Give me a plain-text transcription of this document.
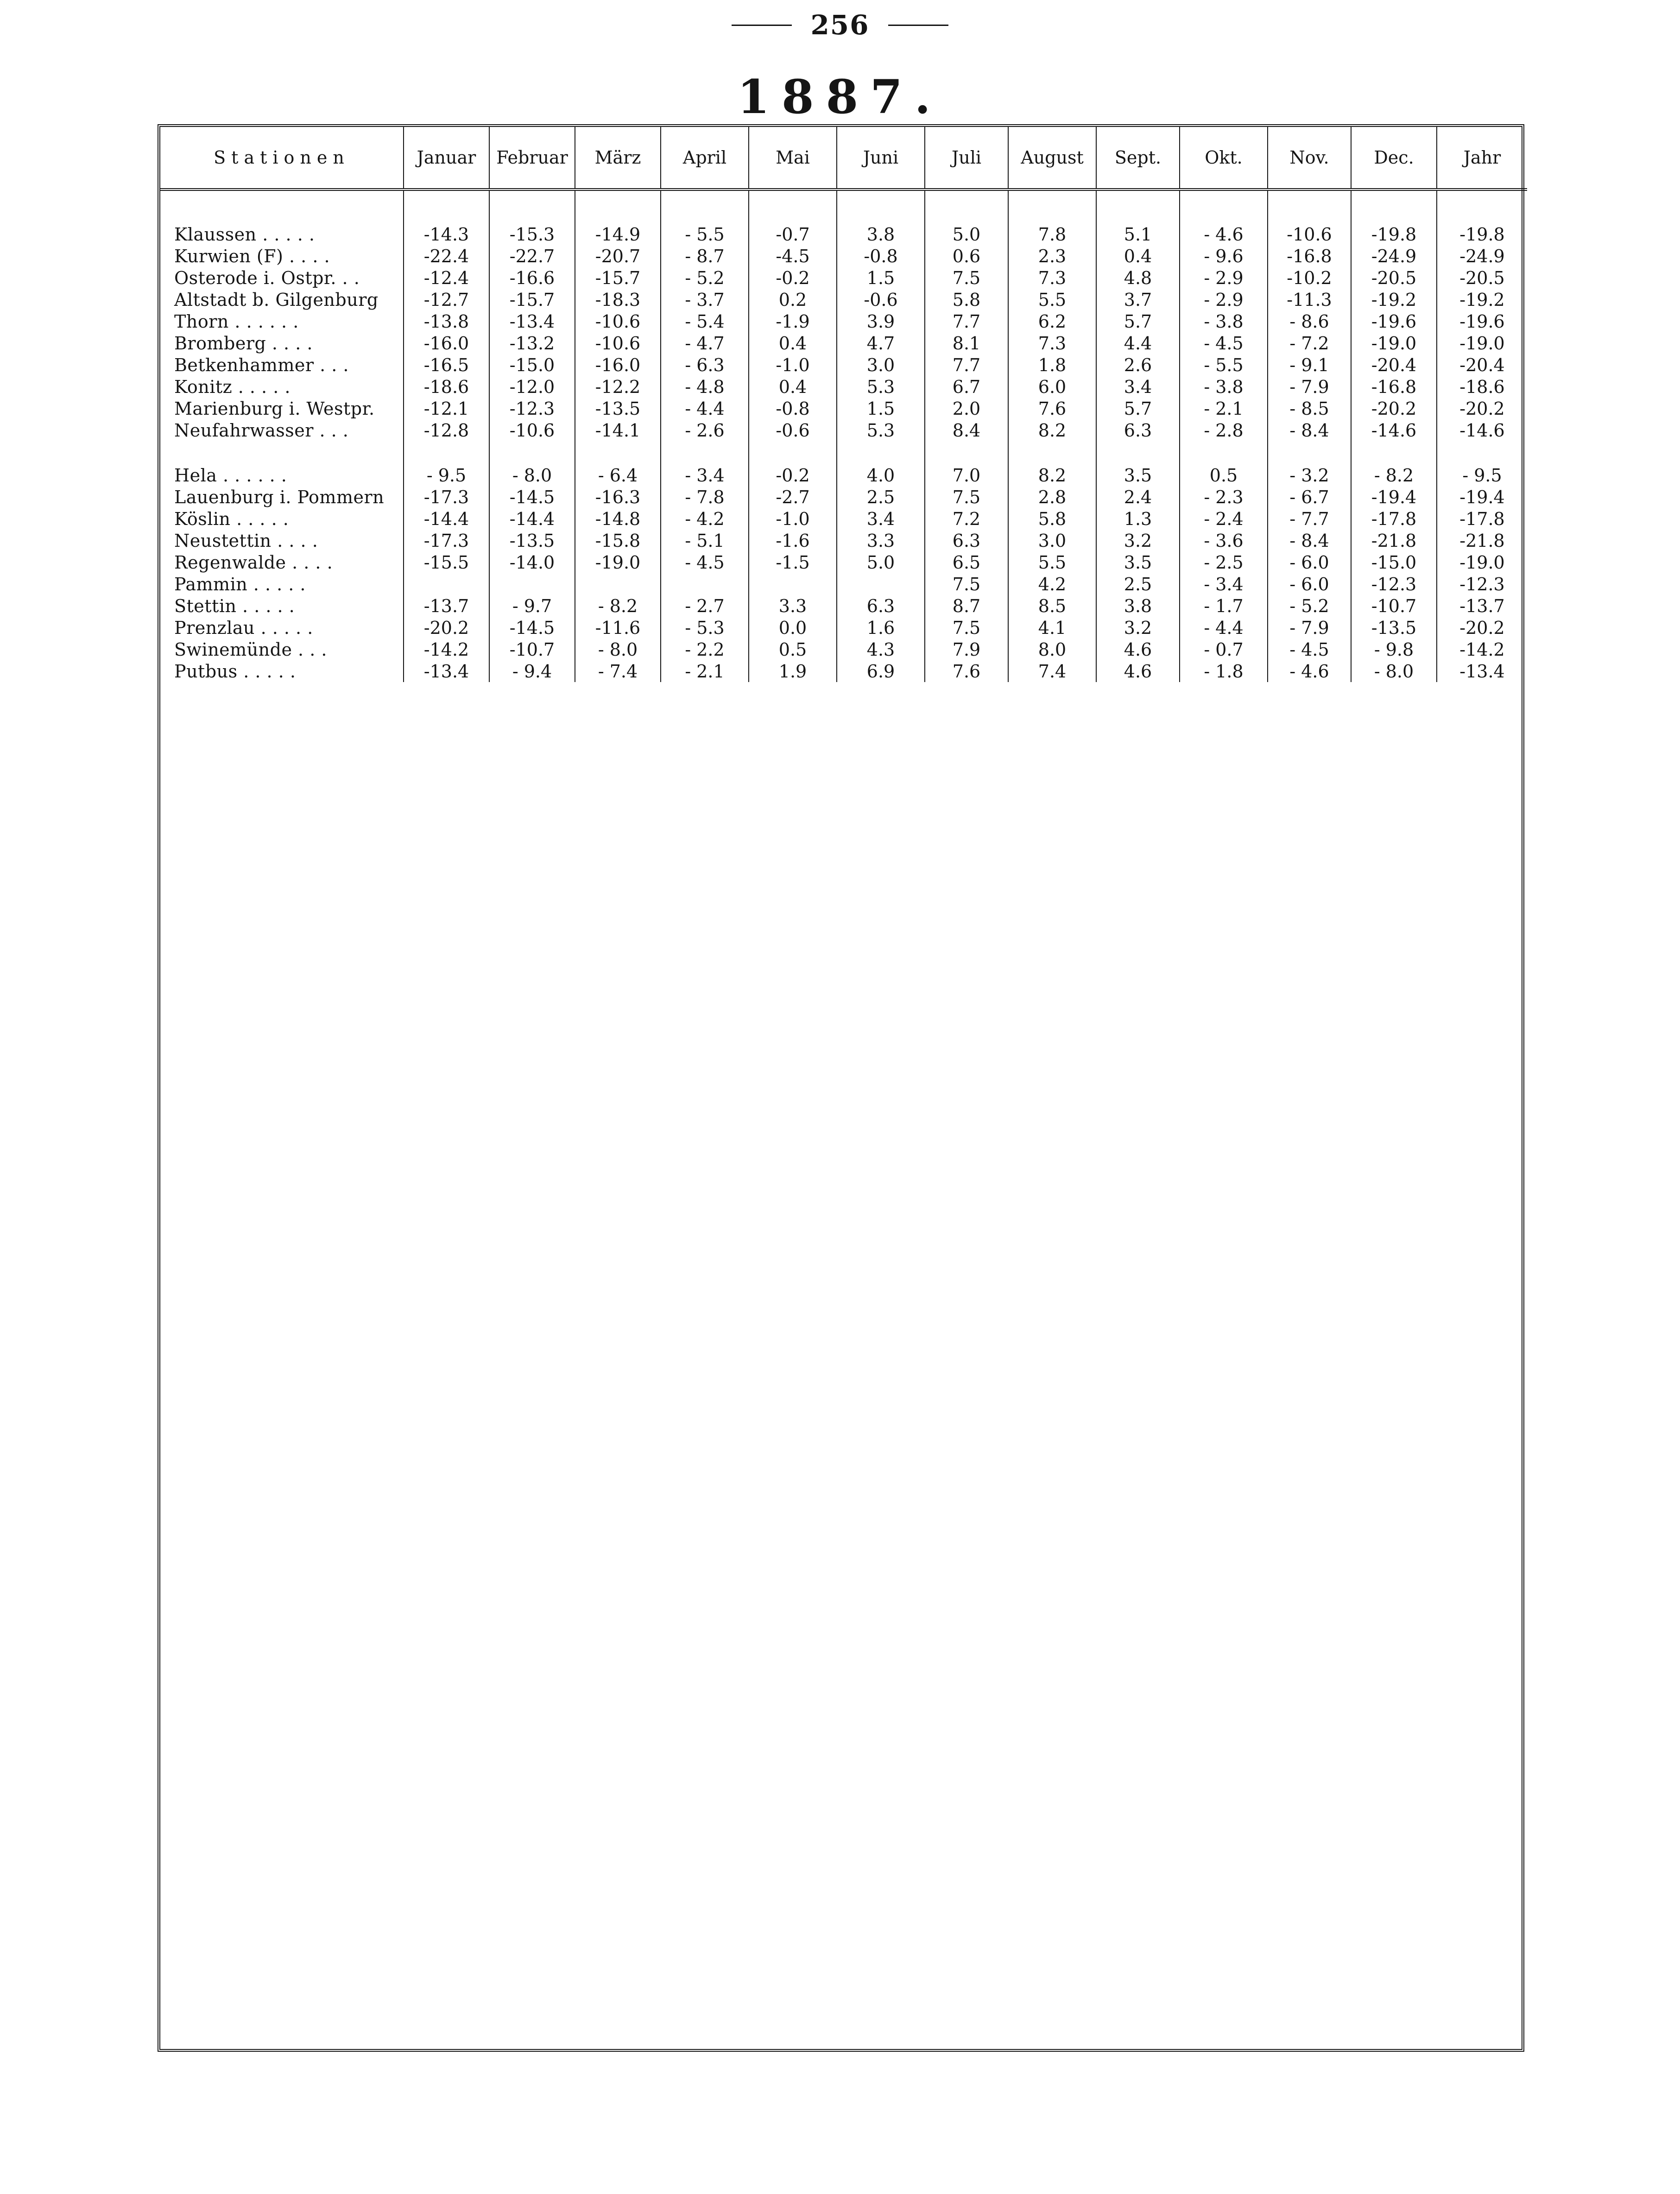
256
1887.
Stationen	Januar	Februar	März	April	Mai	Juni	Juli	August	Sept.	Okt.	Nov.	Dec.	Jahr

Klaussen . . . . .	-14.3	-15.3	-14.9	- 5.5	-0.7	3.8	5.0	7.8	5.1	- 4.6	-10.6	-19.8	-19.8
Kurwien (F) . . . .	-22.4	-22.7	-20.7	- 8.7	-4.5	-0.8	0.6	2.3	0.4	- 9.6	-16.8	-24.9	-24.9
Osterode i. Ostpr. . .	-12.4	-16.6	-15.7	- 5.2	-0.2	1.5	7.5	7.3	4.8	- 2.9	-10.2	-20.5	-20.5
Altstadt b. Gilgenburg	-12.7	-15.7	-18.3	- 3.7	0.2	-0.6	5.8	5.5	3.7	- 2.9	-11.3	-19.2	-19.2
Thorn . . . . . .	-13.8	-13.4	-10.6	- 5.4	-1.9	3.9	7.7	6.2	5.7	- 3.8	- 8.6	-19.6	-19.6
Bromberg . . . .	-16.0	-13.2	-10.6	- 4.7	0.4	4.7	8.1	7.3	4.4	- 4.5	- 7.2	-19.0	-19.0
Betkenhammer . . .	-16.5	-15.0	-16.0	- 6.3	-1.0	3.0	7.7	1.8	2.6	- 5.5	- 9.1	-20.4	-20.4
Konitz . . . . .	-18.6	-12.0	-12.2	- 4.8	0.4	5.3	6.7	6.0	3.4	- 3.8	- 7.9	-16.8	-18.6
Marienburg i. Westpr.	-12.1	-12.3	-13.5	- 4.4	-0.8	1.5	2.0	7.6	5.7	- 2.1	- 8.5	-20.2	-20.2
Neufahrwasser . . .	-12.8	-10.6	-14.1	- 2.6	-0.6	5.3	8.4	8.2	6.3	- 2.8	- 8.4	-14.6	-14.6

Hela . . . . . .	- 9.5	- 8.0	- 6.4	- 3.4	-0.2	4.0	7.0	8.2	3.5	0.5	- 3.2	- 8.2	- 9.5
Lauenburg i. Pommern	-17.3	-14.5	-16.3	- 7.8	-2.7	2.5	7.5	2.8	2.4	- 2.3	- 6.7	-19.4	-19.4
Köslin . . . . .	-14.4	-14.4	-14.8	- 4.2	-1.0	3.4	7.2	5.8	1.3	- 2.4	- 7.7	-17.8	-17.8
Neustettin . . . .	-17.3	-13.5	-15.8	- 5.1	-1.6	3.3	6.3	3.0	3.2	- 3.6	- 8.4	-21.8	-21.8
Regenwalde . . . .	-15.5	-14.0	-19.0	- 4.5	-1.5	5.0	6.5	5.5	3.5	- 2.5	- 6.0	-15.0	-19.0
Pammin . . . . .							7.5	4.2	2.5	- 3.4	- 6.0	-12.3	-12.3
Stettin . . . . .	-13.7	- 9.7	- 8.2	- 2.7	3.3	6.3	8.7	8.5	3.8	- 1.7	- 5.2	-10.7	-13.7
Prenzlau . . . . .	-20.2	-14.5	-11.6	- 5.3	0.0	1.6	7.5	4.1	3.2	- 4.4	- 7.9	-13.5	-20.2
Swinemünde . . .	-14.2	-10.7	- 8.0	- 2.2	0.5	4.3	7.9	8.0	4.6	- 0.7	- 4.5	- 9.8	-14.2
Putbus . . . . .	-13.4	- 9.4	- 7.4	- 2.1	1.9	6.9	7.6	7.4	4.6	- 1.8	- 4.6	- 8.0	-13.4
